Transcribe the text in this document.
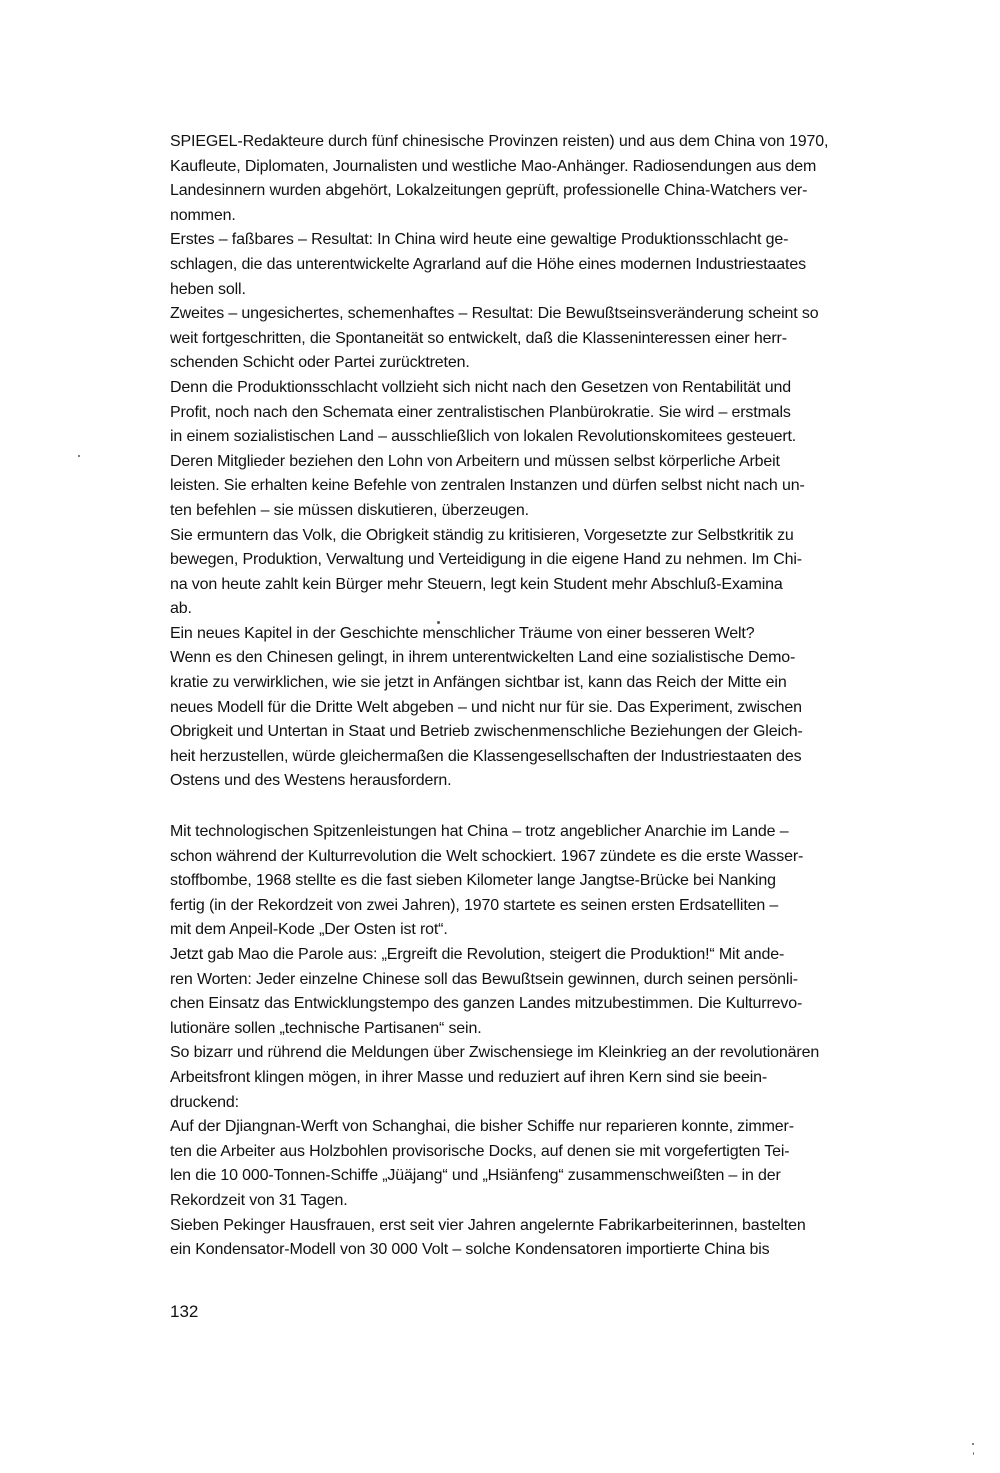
SPIEGEL-Redakteure durch fünf chinesische Provinzen reisten) und aus dem China von 1970,
Kaufleute, Diplomaten, Journalisten und westliche Mao-Anhänger. Radiosendungen aus dem
Landesinnern wurden abgehört, Lokalzeitungen geprüft, professionelle China-Watchers ver-
nommen.
Erstes – faßbares – Resultat: In China wird heute eine gewaltige Produktionsschlacht ge-
schlagen, die das unterentwickelte Agrarland auf die Höhe eines modernen Industriestaates
heben soll.
Zweites – ungesichertes, schemenhaftes – Resultat: Die Bewußtseinsveränderung scheint so
weit fortgeschritten, die Spontaneität so entwickelt, daß die Klasseninteressen einer herr-
schenden Schicht oder Partei zurücktreten.
Denn die Produktionsschlacht vollzieht sich nicht nach den Gesetzen von Rentabilität und
Profit, noch nach den Schemata einer zentralistischen Planbürokratie. Sie wird – erstmals
in einem sozialistischen Land – ausschließlich von lokalen Revolutionskomitees gesteuert.
Deren Mitglieder beziehen den Lohn von Arbeitern und müssen selbst körperliche Arbeit
leisten. Sie erhalten keine Befehle von zentralen Instanzen und dürfen selbst nicht nach un-
ten befehlen – sie müssen diskutieren, überzeugen.
Sie ermuntern das Volk, die Obrigkeit ständig zu kritisieren, Vorgesetzte zur Selbstkritik zu
bewegen, Produktion, Verwaltung und Verteidigung in die eigene Hand zu nehmen. Im Chi-
na von heute zahlt kein Bürger mehr Steuern, legt kein Student mehr Abschluß-Examina
ab.
Ein neues Kapitel in der Geschichte menschlicher Träume von einer besseren Welt?
Wenn es den Chinesen gelingt, in ihrem unterentwickelten Land eine sozialistische Demo-
kratie zu verwirklichen, wie sie jetzt in Anfängen sichtbar ist, kann das Reich der Mitte ein
neues Modell für die Dritte Welt abgeben – und nicht nur für sie. Das Experiment, zwischen
Obrigkeit und Untertan in Staat und Betrieb zwischenmenschliche Beziehungen der Gleich-
heit herzustellen, würde gleichermaßen die Klassengesellschaften der Industriestaaten des
Ostens und des Westens herausfordern.
Mit technologischen Spitzenleistungen hat China – trotz angeblicher Anarchie im Lande –
schon während der Kulturrevolution die Welt schockiert. 1967 zündete es die erste Wasser-
stoffbombe, 1968 stellte es die fast sieben Kilometer lange Jangtse-Brücke bei Nanking
fertig (in der Rekordzeit von zwei Jahren), 1970 startete es seinen ersten Erdsatelliten –
mit dem Anpeil-Kode „Der Osten ist rot“.
Jetzt gab Mao die Parole aus: „Ergreift die Revolution, steigert die Produktion!“ Mit ande-
ren Worten: Jeder einzelne Chinese soll das Bewußtsein gewinnen, durch seinen persönli-
chen Einsatz das Entwicklungstempo des ganzen Landes mitzubestimmen. Die Kulturrevo-
lutionäre sollen „technische Partisanen“ sein.
So bizarr und rührend die Meldungen über Zwischensiege im Kleinkrieg an der revolutionären
Arbeitsfront klingen mögen, in ihrer Masse und reduziert auf ihren Kern sind sie beein-
druckend:
Auf der Djiangnan-Werft von Schanghai, die bisher Schiffe nur reparieren konnte, zimmer-
ten die Arbeiter aus Holzbohlen provisorische Docks, auf denen sie mit vorgefertigten Tei-
len die 10 000-Tonnen-Schiffe „Jüäjang“ und „Hsiänfeng“ zusammenschweißten – in der
Rekordzeit von 31 Tagen.
Sieben Pekinger Hausfrauen, erst seit vier Jahren angelernte Fabrikarbeiterinnen, bastelten
ein Kondensator-Modell von 30 000 Volt – solche Kondensatoren importierte China bis
132
